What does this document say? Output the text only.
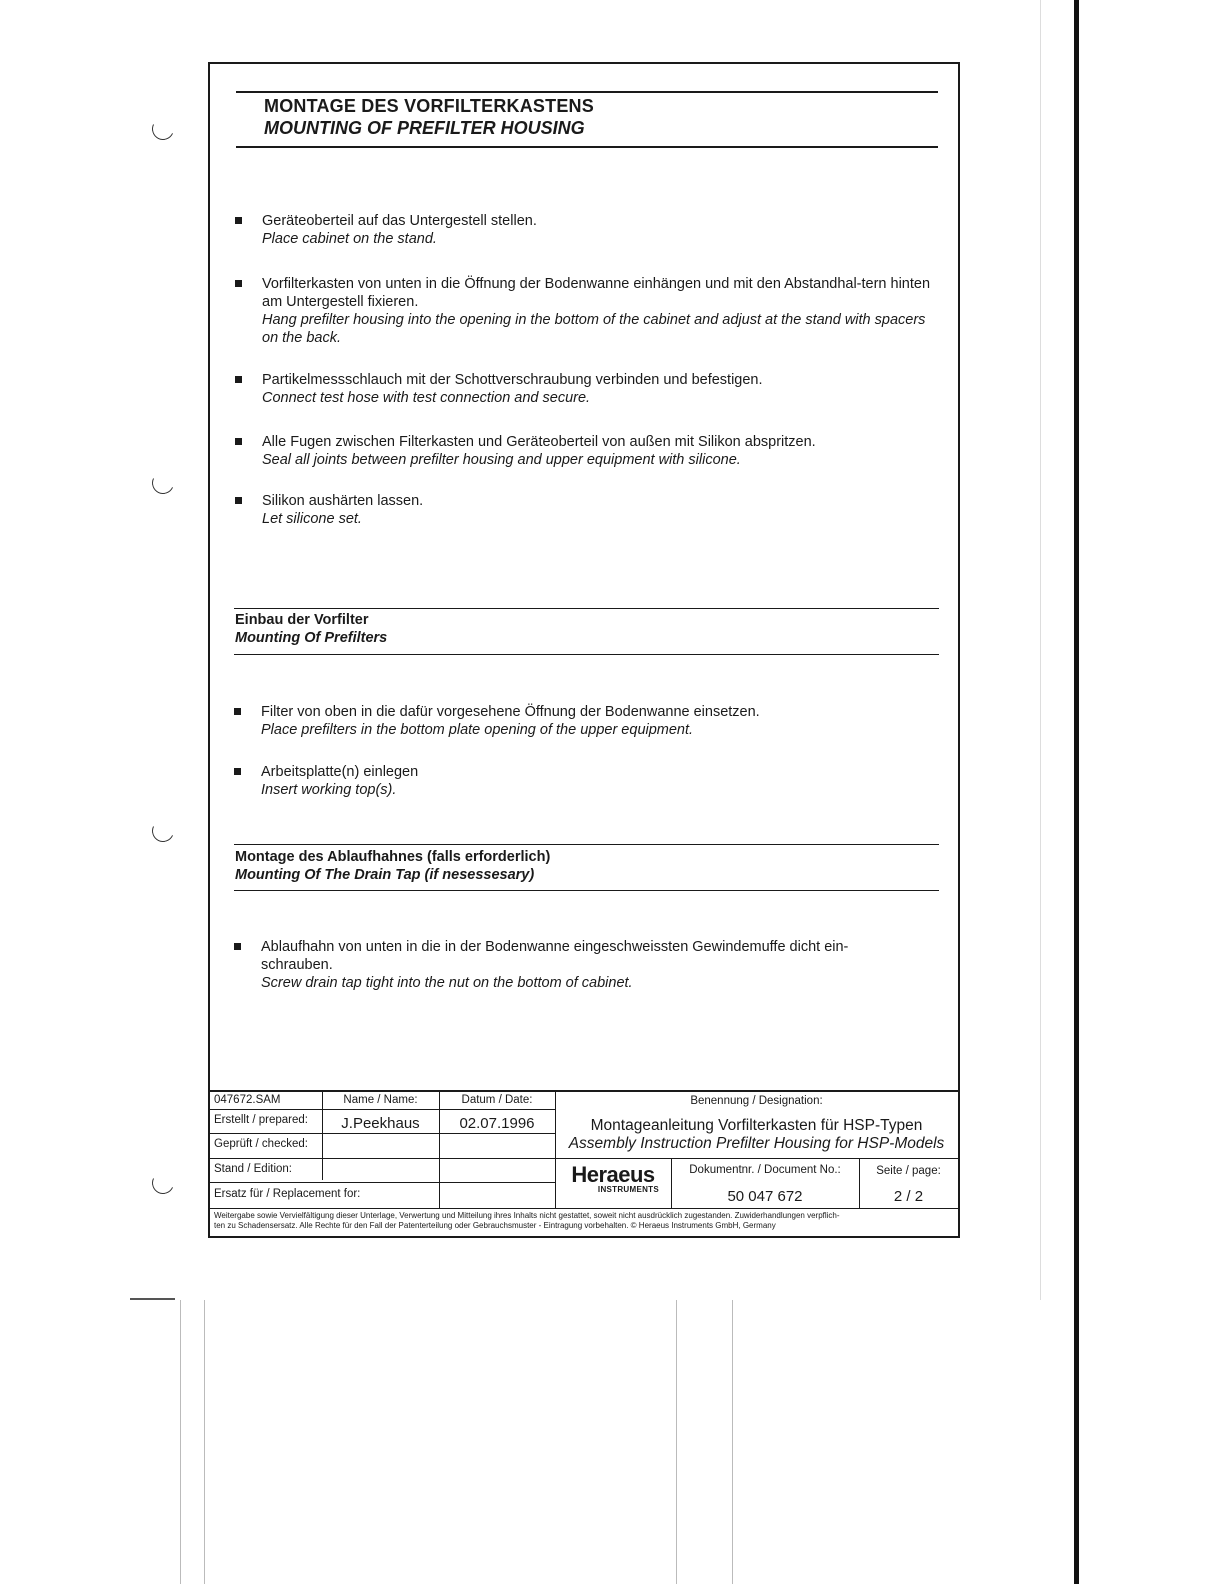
MONTAGE DES VORFILTERKASTENS
MOUNTING OF PREFILTER HOUSING
Geräteoberteil auf das Untergestell stellen.
Place cabinet on the stand.
Vorfilterkasten von unten in die Öffnung der Bodenwanne einhängen und mit den Abstandhal-tern hinten am Untergestell fixieren.
Hang prefilter housing into the opening in the bottom of the cabinet and adjust at the stand with spacers on the back.
Partikelmessschlauch mit der Schottverschraubung verbinden und befestigen.
Connect test hose with test connection and secure.
Alle Fugen zwischen Filterkasten und Geräteoberteil von außen mit Silikon abspritzen.
Seal all joints between prefilter housing and upper equipment with silicone.
Silikon aushärten lassen.
Let silicone set.
Einbau der Vorfilter
Mounting Of Prefilters
Filter von oben in die dafür vorgesehene Öffnung der Bodenwanne einsetzen.
Place prefilters in the bottom plate opening of the upper equipment.
Arbeitsplatte(n) einlegen
Insert working top(s).
Montage des Ablaufhahnes (falls erforderlich)
Mounting Of The Drain Tap (if nesessesary)
Ablaufhahn von unten in die in der Bodenwanne eingeschweissten Gewindemuffe dicht ein-schrauben.
Screw drain tap tight into the nut on the bottom of cabinet.
047672.SAM	Name / Name:	Datum / Date:	Benennung / Designation:
Erstellt / prepared:	J.Peekhaus	02.07.1996
Geprüft / checked:
Montageanleitung Vorfilterkasten für HSP-Typen
Assembly Instruction Prefilter Housing for HSP-Models
Stand / Edition:
Ersatz für / Replacement for:
Heraeus
INSTRUMENTS
Dokumentnr. / Document No.:
50 047 672
Seite / page:
2 / 2
Weitergabe sowie Vervielfältigung dieser Unterlage, Verwertung und Mitteilung ihres Inhalts nicht gestattet, soweit nicht ausdrücklich zugestanden. Zuwiderhandlungen verpflich-
ten zu Schadensersatz. Alle Rechte für den Fall der Patenterteilung oder Gebrauchsmuster - Eintragung vorbehalten. © Heraeus Instruments GmbH, Germany
